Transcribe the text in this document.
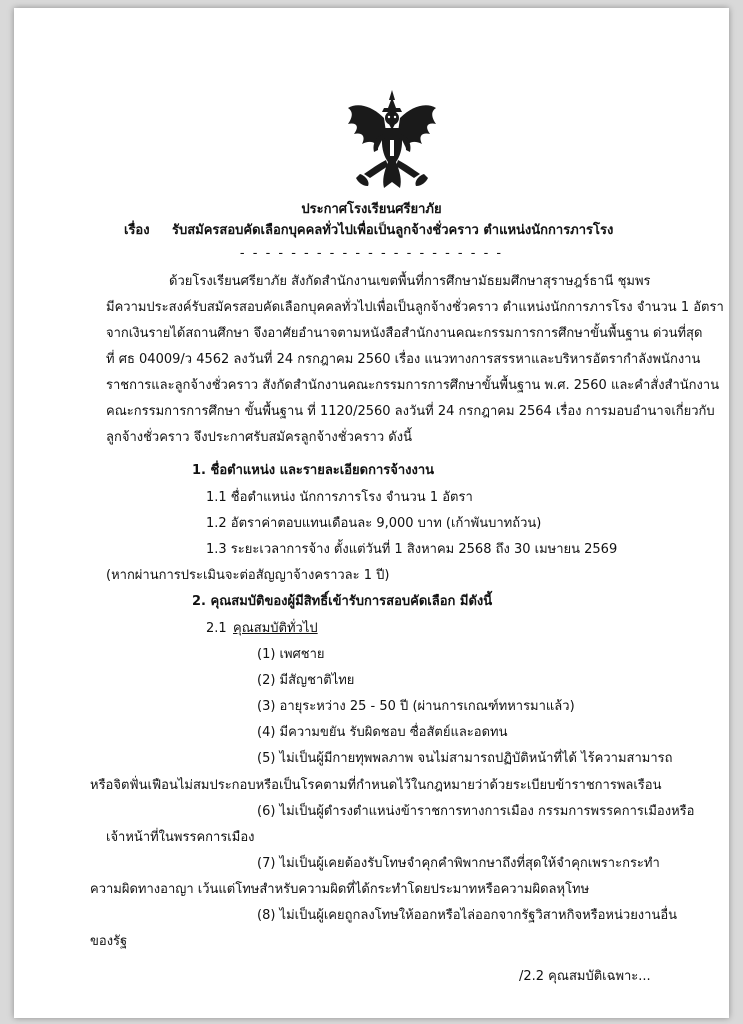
ประกาศโรงเรียนศรียาภัย
เรื่อง รับสมัครสอบคัดเลือกบุคคลทั่วไปเพื่อเป็นลูกจ้างชั่วคราว ตำแหน่งนักการภารโรง
- - - - - - - - - - - - - - - - - - - - -
ด้วยโรงเรียนศรียาภัย สังกัดสำนักงานเขตพื้นที่การศึกษามัธยมศึกษาสุราษฎร์ธานี ชุมพร
มีความประสงค์รับสมัครสอบคัดเลือกบุคคลทั่วไปเพื่อเป็นลูกจ้างชั่วคราว ตำแหน่งนักการภารโรง จำนวน 1 อัตรา
จากเงินรายได้สถานศึกษา จึงอาศัยอำนาจตามหนังสือสำนักงานคณะกรรมการการศึกษาขั้นพื้นฐาน ด่วนที่สุด
ที่ ศธ 04009/ว 4562 ลงวันที่ 24 กรกฎาคม 2560 เรื่อง แนวทางการสรรหาและบริหารอัตรากำลังพนักงาน
ราชการและลูกจ้างชั่วคราว สังกัดสำนักงานคณะกรรมการการศึกษาขั้นพื้นฐาน พ.ศ. 2560 และคำสั่งสำนักงาน
คณะกรรมการการศึกษา ขั้นพื้นฐาน ที่ 1120/2560 ลงวันที่ 24 กรกฎาคม 2564 เรื่อง การมอบอำนาจเกี่ยวกับ
ลูกจ้างชั่วคราว จึงประกาศรับสมัครลูกจ้างชั่วคราว ดังนี้
1. ชื่อตำแหน่ง และรายละเอียดการจ้างงาน
1.1 ชื่อตำแหน่ง นักการภารโรง จำนวน 1 อัตรา
1.2 อัตราค่าตอบแทนเดือนละ 9,000 บาท (เก้าพันบาทถ้วน)
1.3 ระยะเวลาการจ้าง ตั้งแต่วันที่ 1 สิงหาคม 2568 ถึง 30 เมษายน 2569
(หากผ่านการประเมินจะต่อสัญญาจ้างคราวละ 1 ปี)
2. คุณสมบัติของผู้มีสิทธิ์เข้ารับการสอบคัดเลือก มีดังนี้
2.1 คุณสมบัติทั่วไป
(1) เพศชาย
(2) มีสัญชาติไทย
(3) อายุระหว่าง 25 - 50 ปี (ผ่านการเกณฑ์ทหารมาแล้ว)
(4) มีความขยัน รับผิดชอบ ซื่อสัตย์และอดทน
(5) ไม่เป็นผู้มีกายทุพพลภาพ จนไม่สามารถปฏิบัติหน้าที่ได้ ไร้ความสามารถ
หรือจิตฟั่นเฟือนไม่สมประกอบหรือเป็นโรคตามที่กำหนดไว้ในกฎหมายว่าด้วยระเบียบข้าราชการพลเรือน
(6) ไม่เป็นผู้ดำรงตำแหน่งข้าราชการทางการเมือง กรรมการพรรคการเมืองหรือ
เจ้าหน้าที่ในพรรคการเมือง
(7) ไม่เป็นผู้เคยต้องรับโทษจำคุกคำพิพากษาถึงที่สุดให้จำคุกเพราะกระทำ
ความผิดทางอาญา เว้นแต่โทษสำหรับความผิดที่ได้กระทำโดยประมาทหรือความผิดลหุโทษ
(8) ไม่เป็นผู้เคยถูกลงโทษให้ออกหรือไล่ออกจากรัฐวิสาหกิจหรือหน่วยงานอื่น
ของรัฐ
/2.2 คุณสมบัติเฉพาะ...
